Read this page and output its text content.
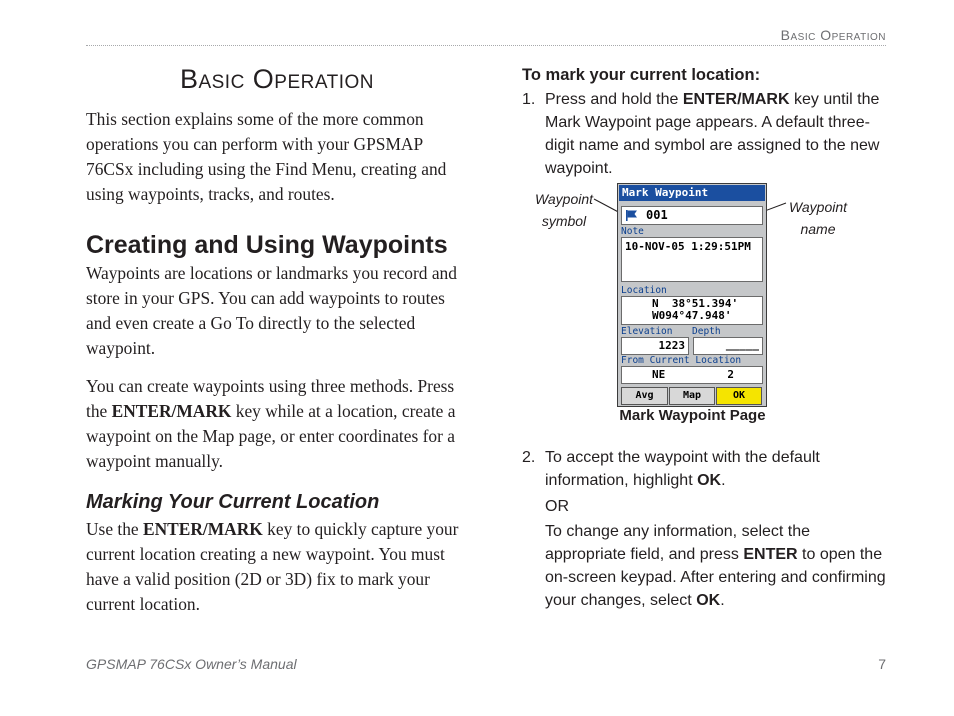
Basic Operation
Basic Operation

This section explains some of the more common operations you can perform with your GPSMAP 76CSx including using the Find Menu, creating and using waypoints, tracks, and routes.

Creating and Using Waypoints

Waypoints are locations or landmarks you record and store in your GPS. You can add waypoints to routes and even create a Go To directly to the selected waypoint.

You can create waypoints using three methods. Press the ENTER/MARK key while at a location, create a waypoint on the Map page, or enter coordinates for a waypoint manually.

Marking Your Current Location

Use the ENTER/MARK key to quickly capture your current location creating a new waypoint. You must have a valid position (2D or 3D) fix to mark your current location.

To mark your current location:
1. Press and hold the ENTER/MARK key until the Mark Waypoint page appears. A default three-digit name and symbol are assigned to the new waypoint.
Waypoint
symbol
Waypoint
name
Mark Waypoint
001
Note
10-NOV-05 1:29:51PM
Location
N  38°51.394'
W094°47.948'
Elevation Depth
1223	_____
From Current Location
NE	2
Avg	Map	OK
Mark Waypoint Page
2. To accept the waypoint with the default information, highlight OK.
OR
To change any information, select the appropriate field, and press ENTER to open the on-screen keypad. After entering and confirming your changes, select OK.
GPSMAP 76CSx Owner’s Manual	7
